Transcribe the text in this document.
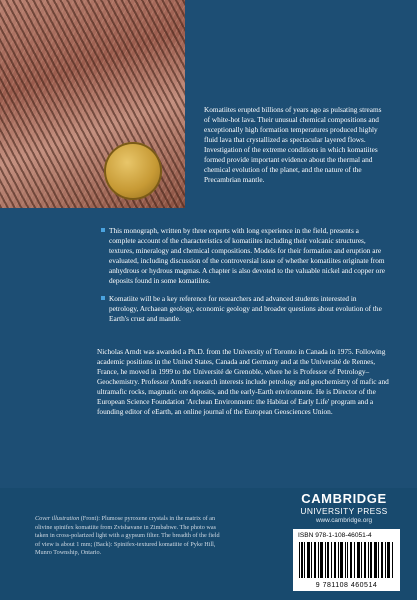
Komatiites erupted billions of years ago as pulsating streams of white-hot lava. Their unusual chemical compositions and exceptionally high formation temperatures produced highly fluid lava that crystallized as spectacular layered flows. Investigation of the extreme conditions in which komatiites formed provide important evidence about the thermal and chemical evolution of the planet, and the nature of the Precambrian mantle.

This monograph, written by three experts with long experience in the field, presents a complete account of the characteristics of komatiites including their volcanic structures, textures, mineralogy and chemical compositions. Models for their formation and eruption are evaluated, including discussion of the controversial issue of whether komatiites originate from anhydrous or hydrous magmas. A chapter is also devoted to the valuable nickel and copper ore deposits found in some komatiites.
Komatiite will be a key reference for researchers and advanced students interested in petrology, Archaean geology, economic geology and broader questions about evolution of the Earth's crust and mantle.

Nicholas Arndt was awarded a Ph.D. from the University of Toronto in Canada in 1975. Following academic positions in the United States, Canada and Germany and at the Université de Rennes, France, he moved in 1999 to the Université de Grenoble, where he is Professor of Petrology–Geochemistry. Professor Arndt's research interests include petrology and geochemistry of mafic and ultramafic rocks, magmatic ore deposits, and the early-Earth environment. He is Director of the European Science Foundation 'Archean Environment: the Habitat of Early Life' program and a founding editor of eEarth, an online journal of the European Geosciences Union.

Cover illustration (Front): Plumose pyroxene crystals in the matrix of an olivine spinifex komatiite from Zvishavane in Zimbabwe. The photo was taken in cross-polarized light with a gypsum filter. The breadth of the field of view is about 1 mm; (Back): Spinifex-textured komatiite of Pyke Hill, Munro Township, Ontario.

CAMBRIDGE
UNIVERSITY PRESS
www.cambridge.org
ISBN 978-1-108-46051-4
9 781108 460514
